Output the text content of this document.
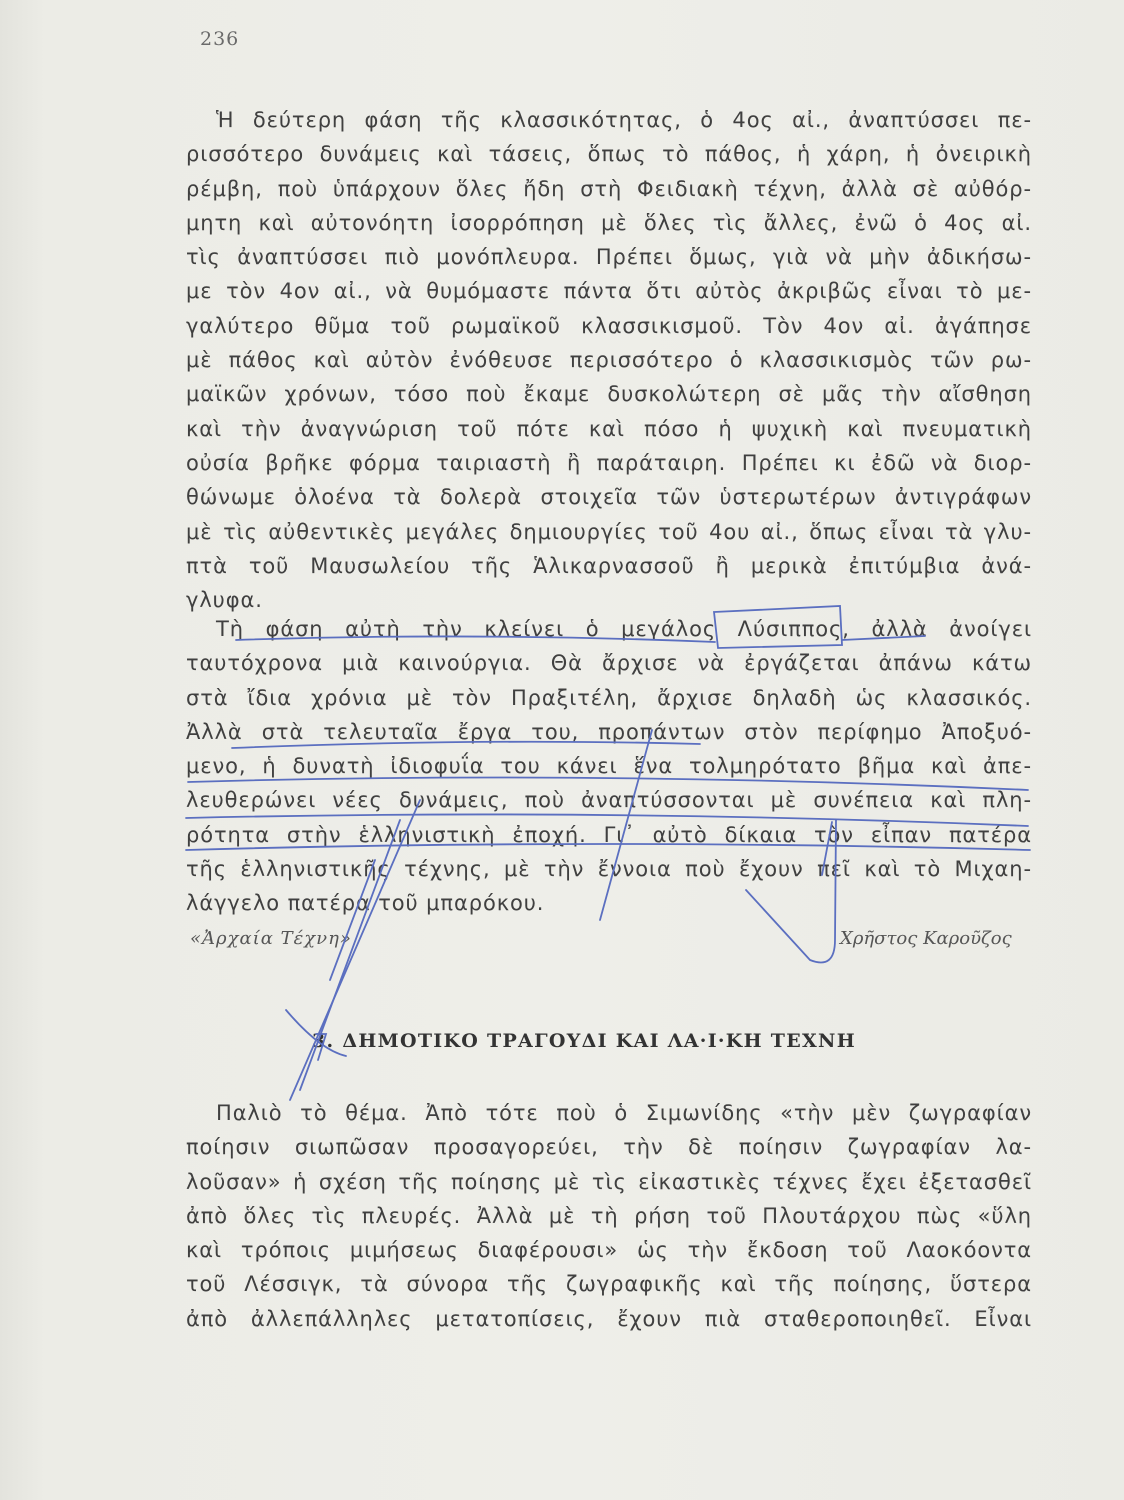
236
Ἡ δεύτερη φάση τῆς κλασσικότητας, ὁ 4ος αἰ., ἀναπτύσσει πε-
ρισσότερο δυνάμεις καὶ τάσεις, ὅπως τὸ πάθος, ἡ χάρη, ἡ ὀνειρικὴ
ρέμβη, ποὺ ὑπάρχουν ὅλες ἤδη στὴ Φειδιακὴ τέχνη, ἀλλὰ σὲ αὐθόρ-
μητη καὶ αὐτονόητη ἰσορρόπηση μὲ ὅλες τὶς ἄλλες, ἐνῶ ὁ 4ος αἰ.
τὶς ἀναπτύσσει πιὸ μονόπλευρα. Πρέπει ὅμως, γιὰ νὰ μὴν ἀδικήσω-
με τὸν 4ον αἰ., νὰ θυμόμαστε πάντα ὅτι αὐτὸς ἀκριβῶς εἶναι τὸ με-
γαλύτερο θῦμα τοῦ ρωμαϊκοῦ κλασσικισμοῦ. Τὸν 4ον αἰ. ἀγάπησε
μὲ πάθος καὶ αὐτὸν ἐνόθευσε περισσότερο ὁ κλασσικισμὸς τῶν ρω-
μαϊκῶν χρόνων, τόσο ποὺ ἔκαμε δυσκολώτερη σὲ μᾶς τὴν αἴσθηση
καὶ τὴν ἀναγνώριση τοῦ πότε καὶ πόσο ἡ ψυχικὴ καὶ πνευματικὴ
οὐσία βρῆκε φόρμα ταιριαστὴ ἢ παράταιρη. Πρέπει κι ἐδῶ νὰ διορ-
θώνωμε ὁλοένα τὰ δολερὰ στοιχεῖα τῶν ὑστερωτέρων ἀντιγράφων
μὲ τὶς αὐθεντικὲς μεγάλες δημιουργίες τοῦ 4ου αἰ., ὅπως εἶναι τὰ γλυ-
πτὰ τοῦ Μαυσωλείου τῆς Ἁλικαρνασσοῦ ἢ μερικὰ ἐπιτύμβια ἀνά-
γλυφα.
Τὴ φάση αὐτὴ τὴν κλείνει ὁ μεγάλος Λύσιππος, ἀλλὰ ἀνοίγει
ταυτόχρονα μιὰ καινούργια. Θὰ ἄρχισε νὰ ἐργάζεται ἀπάνω κάτω
στὰ ἴδια χρόνια μὲ τὸν Πραξιτέλη, ἄρχισε δηλαδὴ ὡς κλασσικός.
Ἀλλὰ στὰ τελευταῖα ἔργα του, προπάντων στὸν περίφημο Ἀποξυό-
μενο, ἡ δυνατὴ ἰδιοφυΐα του κάνει ἕνα τολμηρότατο βῆμα καὶ ἀπε-
λευθερώνει νέες δυνάμεις, ποὺ ἀναπτύσσονται μὲ συνέπεια καὶ πλη-
ρότητα στὴν ἑλληνιστικὴ ἐποχή. Γι᾿ αὐτὸ δίκαια τὸν εἶπαν πατέρα
τῆς ἑλληνιστικῆς τέχνης, μὲ τὴν ἔννοια ποὺ ἔχουν πεῖ καὶ τὸ Μιχαη-
λάγγελο πατέρα τοῦ μπαρόκου.
«Ἀρχαία Τέχνη»	Χρῆστος Καροῦζος
3. ΔΗΜΟΤΙΚΟ ΤΡΑΓΟΥΔΙ ΚΑΙ ΛΑ·Ι·ΚΗ ΤΕΧΝΗ
Παλιὸ τὸ θέμα. Ἀπὸ τότε ποὺ ὁ Σιμωνίδης «τὴν μὲν ζωγραφίαν
ποίησιν σιωπῶσαν προσαγορεύει, τὴν δὲ ποίησιν ζωγραφίαν λα-
λοῦσαν» ἡ σχέση τῆς ποίησης μὲ τὶς εἰκαστικὲς τέχνες ἔχει ἐξετασθεῖ
ἀπὸ ὅλες τὶς πλευρές. Ἀλλὰ μὲ τὴ ρήση τοῦ Πλουτάρχου πὼς «ὕλη
καὶ τρόποις μιμήσεως διαφέρουσι» ὡς τὴν ἔκδοση τοῦ Λαοκόοντα
τοῦ Λέσσιγκ, τὰ σύνορα τῆς ζωγραφικῆς καὶ τῆς ποίησης, ὕστερα
ἀπὸ ἀλλεπάλληλες μετατοπίσεις, ἔχουν πιὰ σταθεροποιηθεῖ. Εἶναι
